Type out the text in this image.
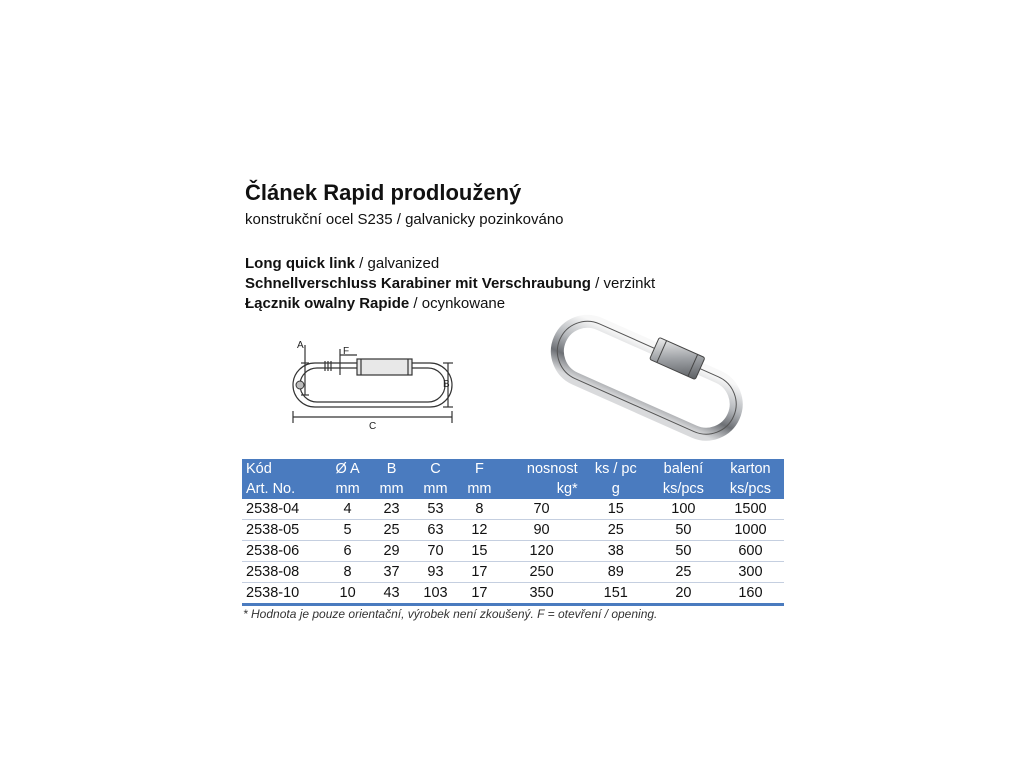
Článek Rapid prodloužený
konstrukční ocel S235 / galvanicky pozinkováno
Long quick link / galvanized
Schnellverschluss Karabiner mit Verschraubung / verzinkt
Łącznik owalny Rapide / ocynkowane
A
F
B
C
Kód	Ø A	B	C	F	nosnost	ks / pc	balení	karton
Art. No.	mm	mm	mm	mm	kg*	g	ks/pcs	ks/pcs
2538-04	4	23	53	8	70	15	100	1500
2538-05	5	25	63	12	90	25	50	1000
2538-06	6	29	70	15	120	38	50	600
2538-08	8	37	93	17	250	89	25	300
2538-10	10	43	103	17	350	151	20	160
* Hodnota je pouze orientační, výrobek není zkoušený. F = otevření / opening.
